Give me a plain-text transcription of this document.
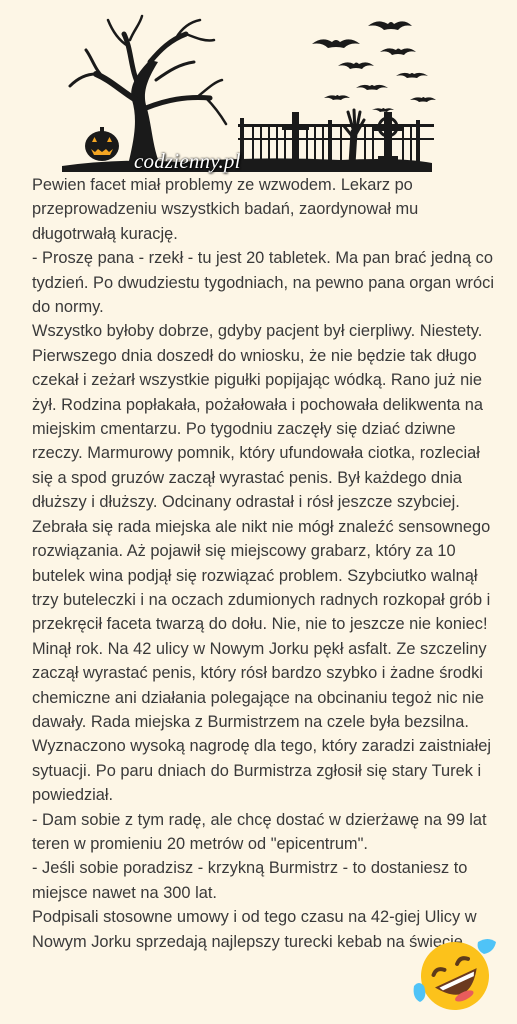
codziennу.pl

Pewien facet miał problemy ze wzwodem. Lekarz po przeprowadzeniu wszystkich badań, zaordynował mu długotrwałą kurację.

- Proszę pana - rzekł - tu jest 20 tabletek. Ma pan brać jedną co tydzień. Po dwudziestu tygodniach, na pewno pana organ wróci do normy.

Wszystko byłoby dobrze, gdyby pacjent był cierpliwy. Niestety. Pierwszego dnia doszedł do wniosku, że nie będzie tak długo czekał i zeżarł wszystkie pigułki popijając wódką. Rano już nie żył. Rodzina popłakała, pożałowała i pochowała delikwenta na miejskim cmentarzu. Po tygodniu zaczęły się dziać dziwne rzeczy. Marmurowy pomnik, który ufundowała ciotka, rozleciał się a spod gruzów zaczął wyrastać penis. Był każdego dnia dłuższy i dłuższy. Odcinany odrastał i rósł jeszcze szybciej. Zebrała się rada miejska ale nikt nie mógł znaleźć sensownego rozwiązania. Aż pojawił się miejscowy grabarz, który za 10 butelek wina podjął się rozwiązać problem. Szybciutko walnął trzy buteleczki i na oczach zdumionych radnych rozkopał grób i przekręcił faceta twarzą do dołu. Nie, nie to jeszcze nie koniec! Minął rok. Na 42 ulicy w Nowym Jorku pękł asfalt. Ze szczeliny zaczął wyrastać penis, który rósł bardzo szybko i żadne środki chemiczne ani działania polegające na obcinaniu tegoż nic nie dawały. Rada miejska z Burmistrzem na czele była bezsilna. Wyznaczono wysoką nagrodę dla tego, który zaradzi zaistniałej sytuacji. Po paru dniach do Burmistrza zgłosił się stary Turek i powiedział.

- Dam sobie z tym radę, ale chcę dostać w dzierżawę na 99 lat teren w promieniu 20 metrów od "epicentrum".

- Jeśli sobie poradzisz - krzykną Burmistrz - to dostaniesz to miejsce nawet na 300 lat.

Podpisali stosowne umowy i od tego czasu na 42-giej Ulicy w Nowym Jorku sprzedają najlepszy turecki kebab na świecie.
